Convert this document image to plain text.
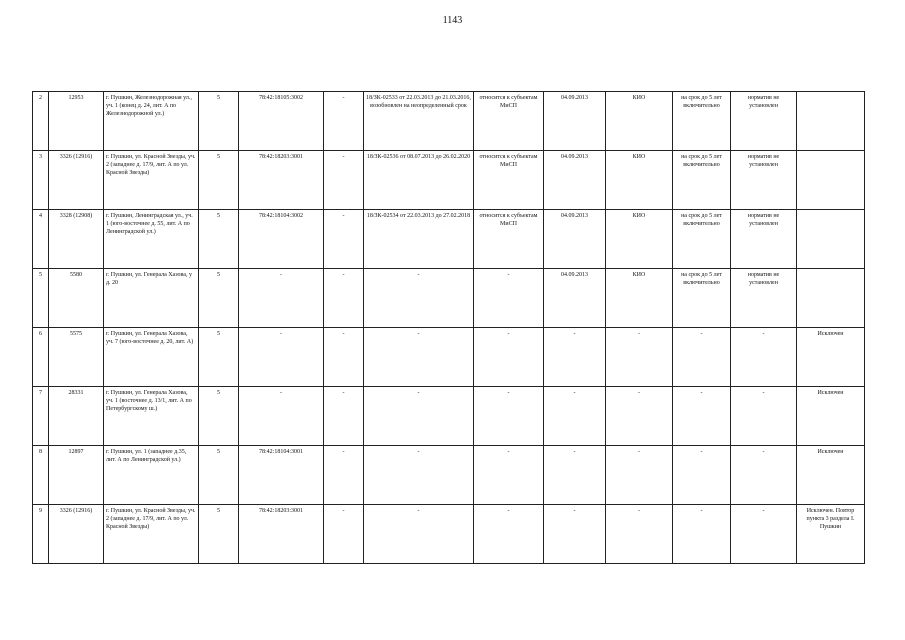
1143
2	12953	г. Пушкин, Железнодорожная ул., уч. 1 (конец д. 24, лит. А по Железнодорожной ул.)	5	78:42:18105:3002	-	18/ЗК-02533 от 22.03.2013 до 21.03.2016, возобновлен на неопределенный срок	относится к субъектам МиСП	04.09.2013	КИО	на срок до 5 лет включительно	норматив не установлен	
3	3326 (12916)	г. Пушкин, ул. Красной Звезды, уч. 2 (западнее д. 17/9, лит. А по ул. Красной Звезды)	5	78:42:18203:3001	-	18/ЗК-02536 от 08.07.2013 до 26.02.2020	относится к субъектам МиСП	04.09.2013	КИО	на срок до 5 лет включительно	норматив не установлен	
4	3328 (12908)	г. Пушкин, Ленинградская ул., уч. 1 (юго-восточнее д. 55, лит. А по Ленинградской ул.)	5	78:42:18104:3002	-	18/ЗК-02534 от 22.03.2013 до 27.02.2018	относится к субъектам МиСП	04.09.2013	КИО	на срок до 5 лет включительно	норматив не установлен	
5	5580	г. Пушкин, ул. Генерала Хазова, у д. 20	5	-	-	-	-	04.09.2013	КИО	на срок до 5 лет включительно	норматив не установлен	
6	5575	г. Пушкин, ул. Генерала Хазова, уч. 7 (юго-восточнее д. 20, лит. А)	5	-	-	-	-	-	-	-	-	Исключен
7	28331	г. Пушкин, ул. Генерала Хазова, уч. 1 (восточнее д. 13/1, лит. А по Петербургскому ш.)	5	-	-	-	-	-	-	-	-	Исключен
8	12897	г. Пушкин, ул. 1 (западнее д.35, лит. А по Ленинградской ул.)	5	78:42:18104:3001	-	-	-	-	-	-	-	Исключен
9	3326 (12916)	г. Пушкин, ул. Красной Звезды, уч. 2 (западнее д. 17/9, лит. А по ул. Красной Звезды)	5	78:42:18203:3001	-	-	-	-	-	-	-	Исключен. Повтор пункта 3 раздела I. Пушкин
